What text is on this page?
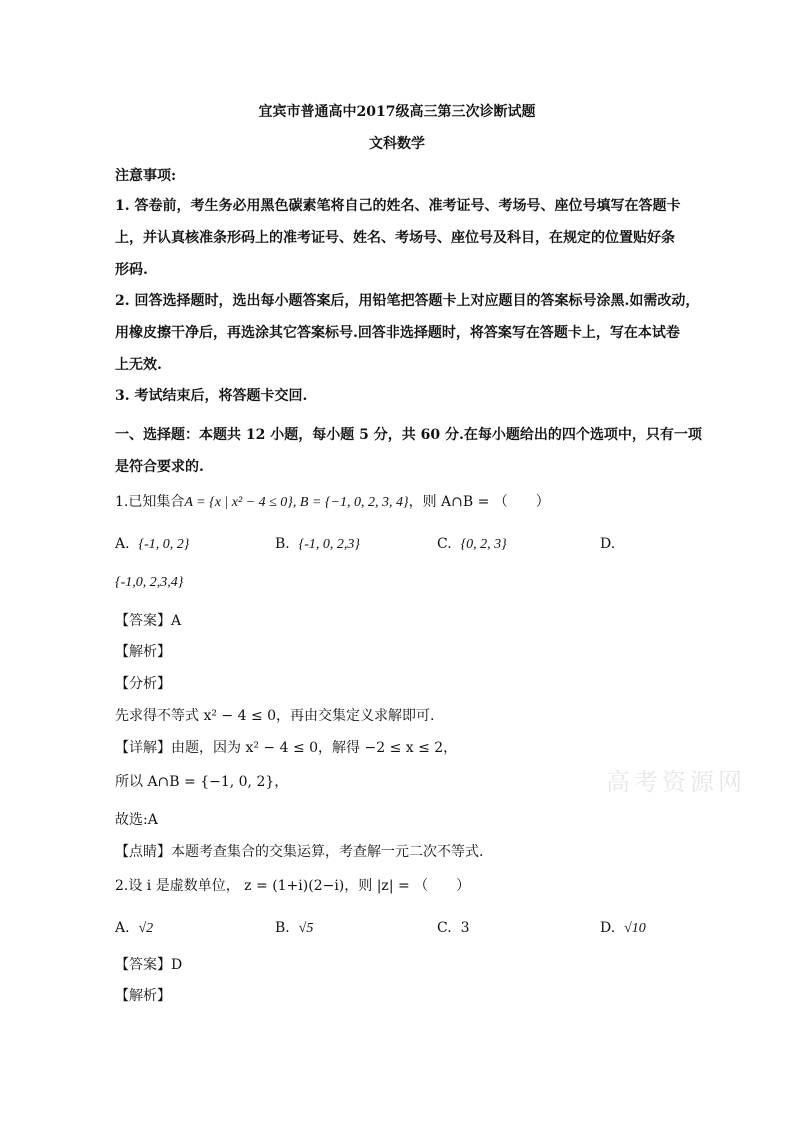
宜宾市普通高中2017级高三第三次诊断试题
文科数学
注意事项:
1. 答卷前，考生务必用黑色碳素笔将自己的姓名、准考证号、考场号、座位号填写在答题卡
上，并认真核准条形码上的准考证号、姓名、考场号、座位号及科目，在规定的位置贴好条
形码.
2. 回答选择题时，选出每小题答案后，用铅笔把答题卡上对应题目的答案标号涂黑.如需改动，
用橡皮擦干净后，再选涂其它答案标号.回答非选择题时，将答案写在答题卡上，写在本试卷
上无效.
3. 考试结束后，将答题卡交回.
一、选择题：本题共 12 小题，每小题 5 分，共 60 分.在每小题给出的四个选项中，只有一项
是符合要求的.
1.已知集合A = {x | x² − 4 ≤ 0}, B = {−1, 0, 2, 3, 4}，则 A∩B = （　　）
A. {-1, 0, 2}	B. {-1, 0, 2,3}	C. {0, 2, 3}	D.
{-1,0, 2,3,4}
【答案】A
【解析】
【分析】
先求得不等式 x² − 4 ≤ 0，再由交集定义求解即可.
【详解】由题，因为 x² − 4 ≤ 0，解得 −2 ≤ x ≤ 2，
所以 A∩B = {−1, 0, 2}，
故选:A
【点睛】本题考查集合的交集运算，考查解一元二次不等式.
2.设 i 是虚数单位， z = (1+i)(2−i)，则 |z| = （　　）
A. √2	B. √5	C. 3	D. √10
【答案】D
【解析】
高考资源网
